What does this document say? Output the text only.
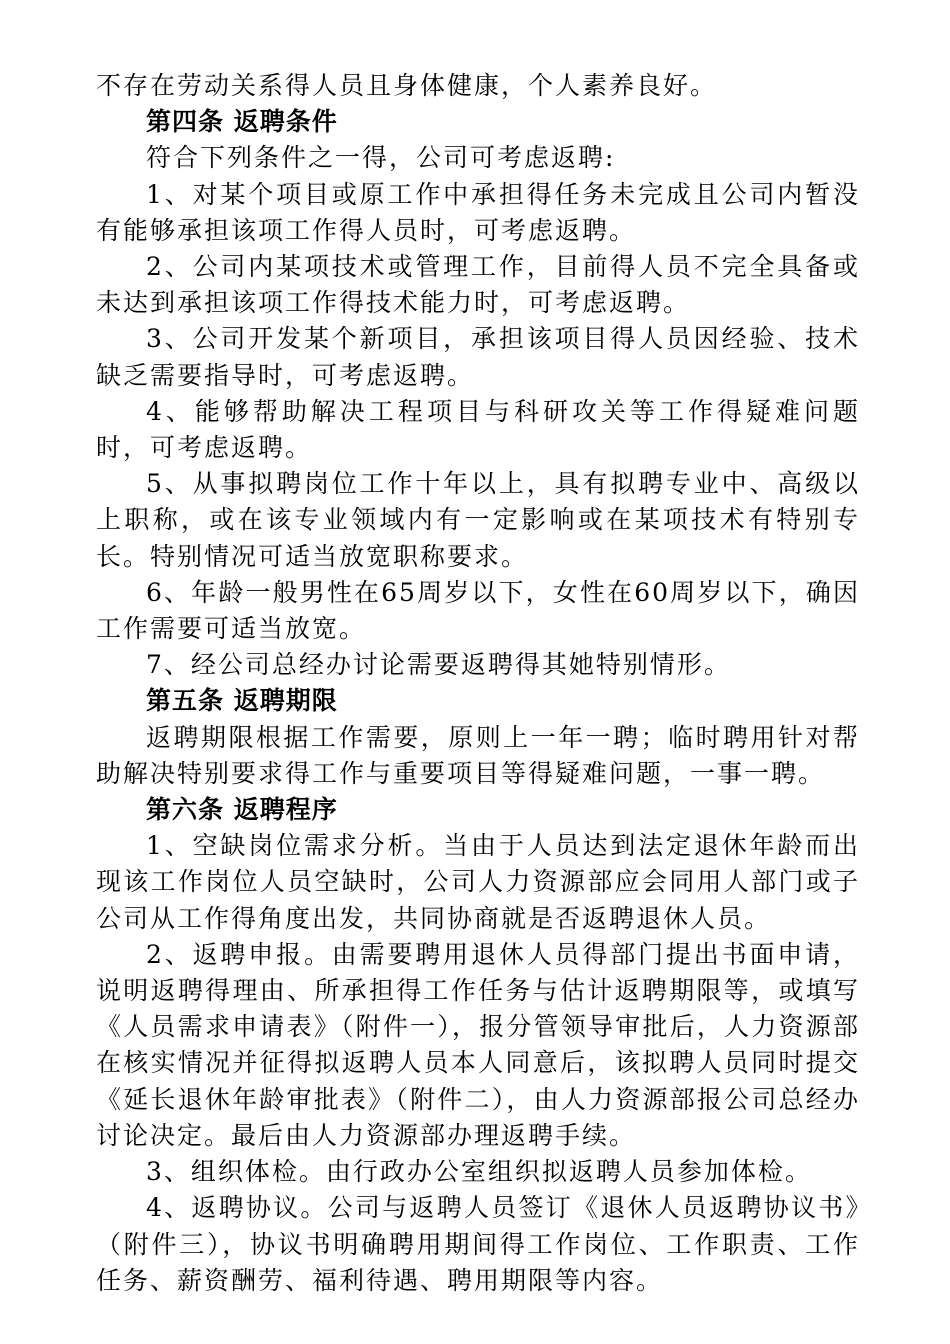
不存在劳动关系得人员且身体健康，个人素养良好。

第四条 返聘条件

符合下列条件之一得，公司可考虑返聘:

1、对某个项目或原工作中承担得任务未完成且公司内暂没有能够承担该项工作得人员时，可考虑返聘。

2、公司内某项技术或管理工作，目前得人员不完全具备或未达到承担该项工作得技术能力时，可考虑返聘。

3、公司开发某个新项目，承担该项目得人员因经验、技术缺乏需要指导时，可考虑返聘。

4、能够帮助解决工程项目与科研攻关等工作得疑难问题时，可考虑返聘。

5、从事拟聘岗位工作十年以上，具有拟聘专业中、高级以上职称，或在该专业领域内有一定影响或在某项技术有特别专长。特别情况可适当放宽职称要求。

6、年龄一般男性在65周岁以下，女性在60周岁以下，确因工作需要可适当放宽。

7、经公司总经办讨论需要返聘得其她特别情形。

第五条 返聘期限

返聘期限根据工作需要，原则上一年一聘；临时聘用针对帮助解决特别要求得工作与重要项目等得疑难问题，一事一聘。

第六条 返聘程序

1、空缺岗位需求分析。当由于人员达到法定退休年龄而出现该工作岗位人员空缺时，公司人力资源部应会同用人部门或子公司从工作得角度出发，共同协商就是否返聘退休人员。

2、返聘申报。由需要聘用退休人员得部门提出书面申请，说明返聘得理由、所承担得工作任务与估计返聘期限等，或填写《人员需求申请表》（附件一），报分管领导审批后，人力资源部在核实情况并征得拟返聘人员本人同意后，该拟聘人员同时提交《延长退休年龄审批表》（附件二），由人力资源部报公司总经办讨论决定。最后由人力资源部办理返聘手续。

3、组织体检。由行政办公室组织拟返聘人员参加体检。

4、返聘协议。公司与返聘人员签订《退休人员返聘协议书》（附件三），协议书明确聘用期间得工作岗位、工作职责、工作任务、薪资酬劳、福利待遇、聘用期限等内容。
